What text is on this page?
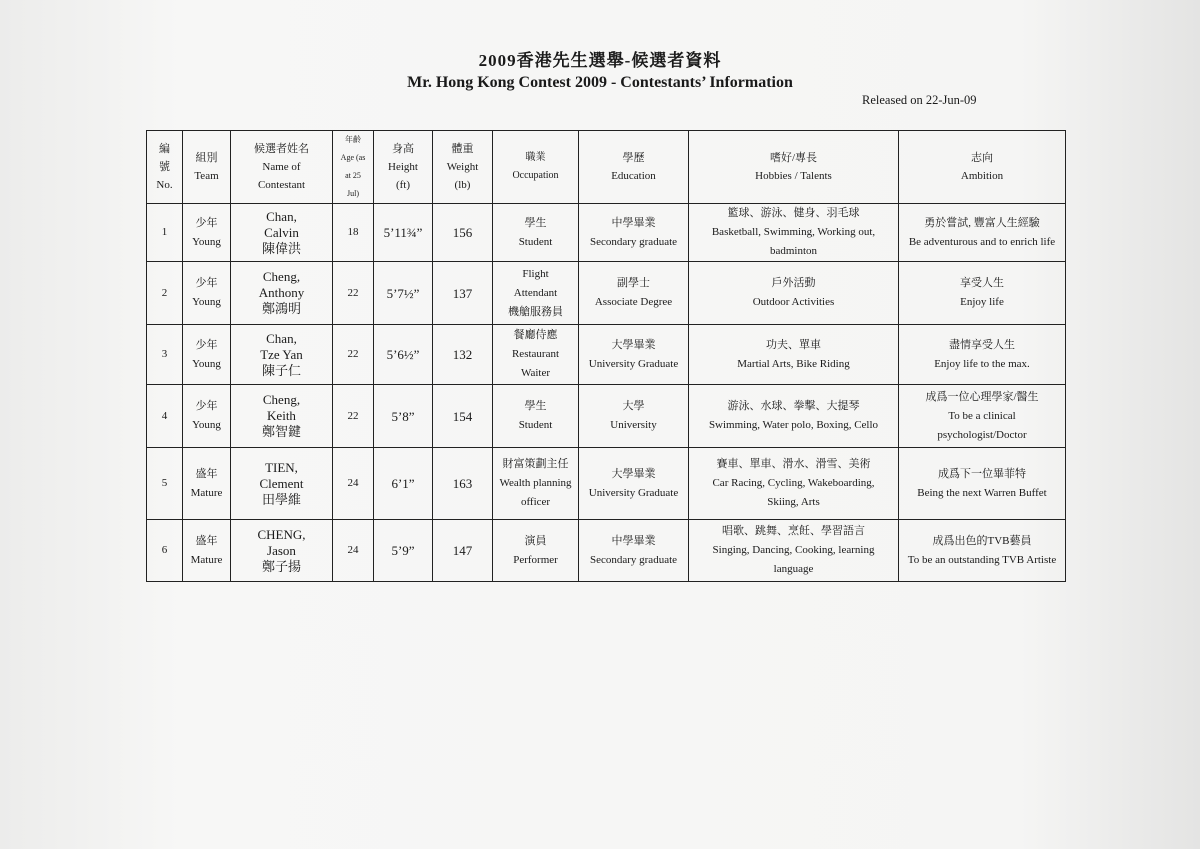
2009香港先生選舉-候選者資料
Mr. Hong Kong Contest 2009 - Contestants’ Information
Released on 22-Jun-09
編
號
No.	組別
Team	候選者姓名
Name of
Contestant	年齡
Age (as
at 25
Jul)	身高
Height
(ft)	體重
Weight
(lb)	職業
Occupation	學歷
Education	嗜好/專長
Hobbies / Talents	志向
Ambition
1	少年
Young	Chan,
Calvin
陳偉洪	18	5’11¾”	156	學生
Student	中學畢業
Secondary graduate	籃球、游泳、健身、羽毛球
Basketball, Swimming, Working out,
badminton	勇於嘗試, 豐富人生經驗
Be adventurous and to enrich life
2	少年
Young	Cheng,
Anthony
鄭鴻明	22	5’7½”	137	Flight
Attendant
機艙服務員	副學士
Associate Degree	戶外活動
Outdoor Activities	享受人生
Enjoy life
3	少年
Young	Chan,
Tze Yan
陳子仁	22	5’6½”	132	餐廳侍應
Restaurant
Waiter	大學畢業
University Graduate	功夫、單車
Martial Arts, Bike Riding	盡情享受人生
Enjoy life to the max.
4	少年
Young	Cheng,
Keith
鄭智鍵	22	5’8”	154	學生
Student	大學
University	游泳、水球、拳擊、大提琴
Swimming, Water polo, Boxing, Cello	成爲一位心理學家/醫生
To be a clinical
psychologist/Doctor
5	盛年
Mature	TIEN,
Clement
田學維	24	6’1”	163	財富策劃主任
Wealth planning
officer	大學畢業
University Graduate	賽車、單車、滑水、滑雪、美術
Car Racing, Cycling, Wakeboarding,
Skiing, Arts	成爲下一位畢菲特
Being the next Warren Buffet
6	盛年
Mature	CHENG,
Jason
鄭子揚	24	5’9”	147	演員
Performer	中學畢業
Secondary graduate	唱歌、跳舞、烹飪、學習語言
Singing, Dancing, Cooking, learning
language	成爲出色的TVB藝員
To be an outstanding TVB Artiste
